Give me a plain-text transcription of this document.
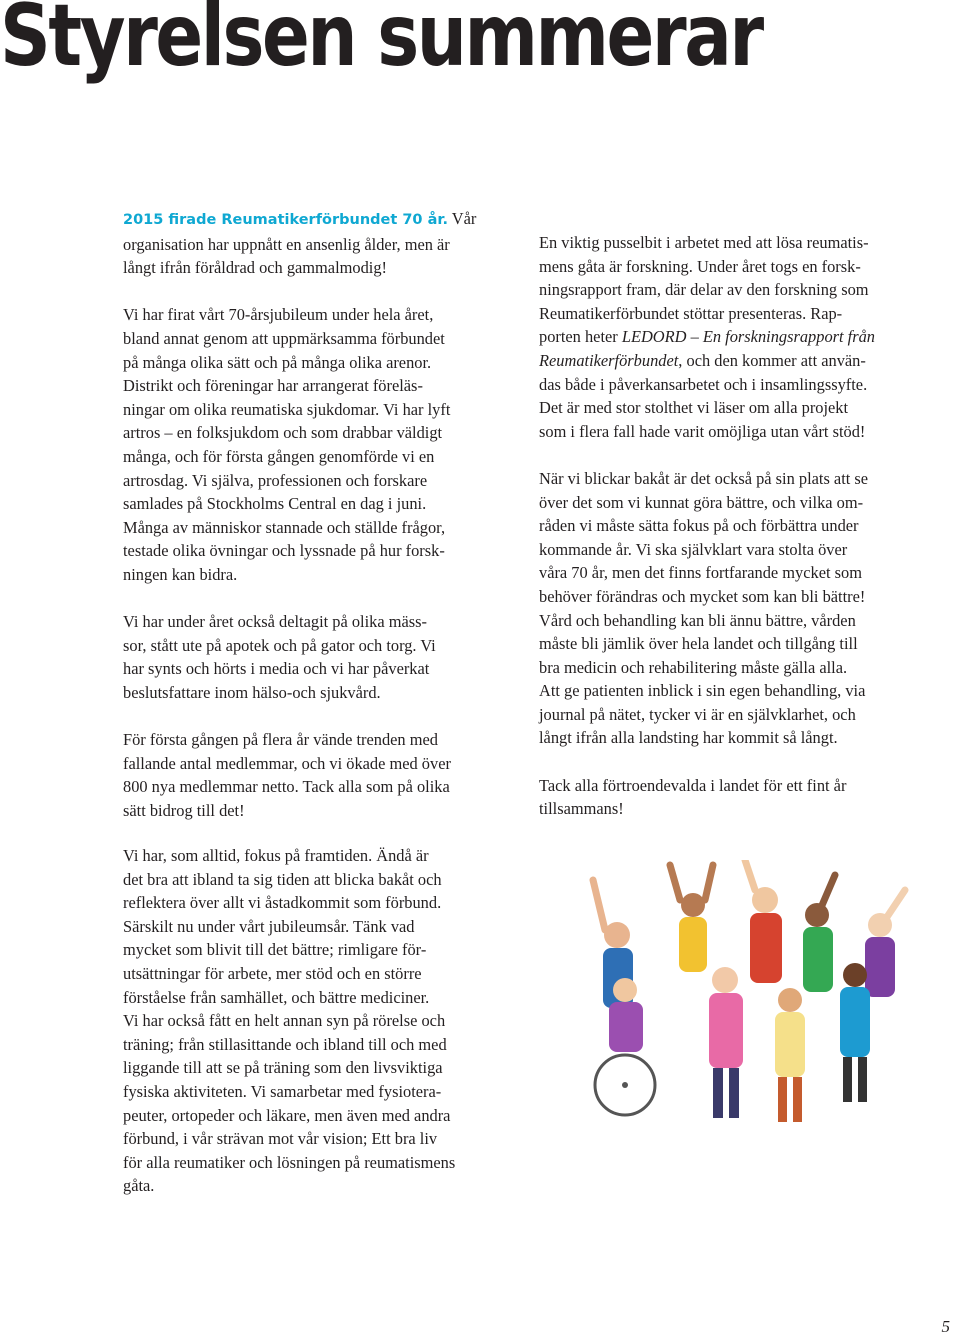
Styrelsen summerar

2015 firade Reumatikerförbundet 70 år. Vår
organisation har uppnått en ansenlig ålder, men är
långt ifrån föråldrad och gammalmodig!

Vi har firat vårt 70-årsjubileum under hela året,
bland annat genom att uppmärksamma förbundet
på många olika sätt och på många olika arenor.
Distrikt och föreningar har arrangerat föreläs-
ningar om olika reumatiska sjukdomar. Vi har lyft
artros – en folksjukdom och som drabbar väldigt
många, och för första gången genomförde vi en
artrosdag. Vi själva, professionen och forskare
samlades på Stockholms Central en dag i juni.
Många av människor stannade och ställde frågor,
testade olika övningar och lyssnade på hur forsk-
ningen kan bidra.

Vi har under året också deltagit på olika mäss-
sor, stått ute på apotek och på gator och torg. Vi
har synts och hörts i media och vi har påverkat
beslutsfattare inom hälso-och sjukvård.

För första gången på flera år vände trenden med
fallande antal medlemmar, och vi ökade med över
800 nya medlemmar netto. Tack alla som på olika
sätt bidrog till det!

Vi har, som alltid, fokus på framtiden. Ändå är
det bra att ibland ta sig tiden att blicka bakåt och
reflektera över allt vi åstadkommit som förbund.
Särskilt nu under vårt jubileumsår. Tänk vad
mycket som blivit till det bättre; rimligare för-
utsättningar för arbete, mer stöd och en större
förståelse från samhället, och bättre mediciner.
Vi har också fått en helt annan syn på rörelse och
träning; från stillasittande och ibland till och med
liggande till att se på träning som den livsviktiga
fysiska aktiviteten. Vi samarbetar med fysiotera-
peuter, ortopeder och läkare, men även med andra
förbund, i vår strävan mot vår vision; Ett bra liv
för alla reumatiker och lösningen på reumatismens
gåta.

En viktig pusselbit i arbetet med att lösa reumatis-
mens gåta är forskning. Under året togs en forsk-
ningsrapport fram, där delar av den forskning som
Reumatikerförbundet stöttar presenteras. Rap-
porten heter LEDORD – En forskningsrapport från
Reumatikerförbundet, och den kommer att använ-
das både i påverkansarbetet och i insamlingssyfte.
Det är med stor stolthet vi läser om alla projekt
som i flera fall hade varit omöjliga utan vårt stöd!

När vi blickar bakåt är det också på sin plats att se
över det som vi kunnat göra bättre, och vilka om-
råden vi måste sätta fokus på och förbättra under
kommande år. Vi ska självklart vara stolta över
våra 70 år, men det finns fortfarande mycket som
behöver förändras och mycket som kan bli bättre!
Vård och behandling kan bli ännu bättre, vården
måste bli jämlik över hela landet och tillgång till
bra medicin och rehabilitering måste gälla alla.
Att ge patienten inblick i sin egen behandling, via
journal på nätet, tycker vi är en självklarhet, och
långt ifrån alla landsting har kommit så långt.

Tack alla förtroendevalda i landet för ett fint år
tillsammans!

5
